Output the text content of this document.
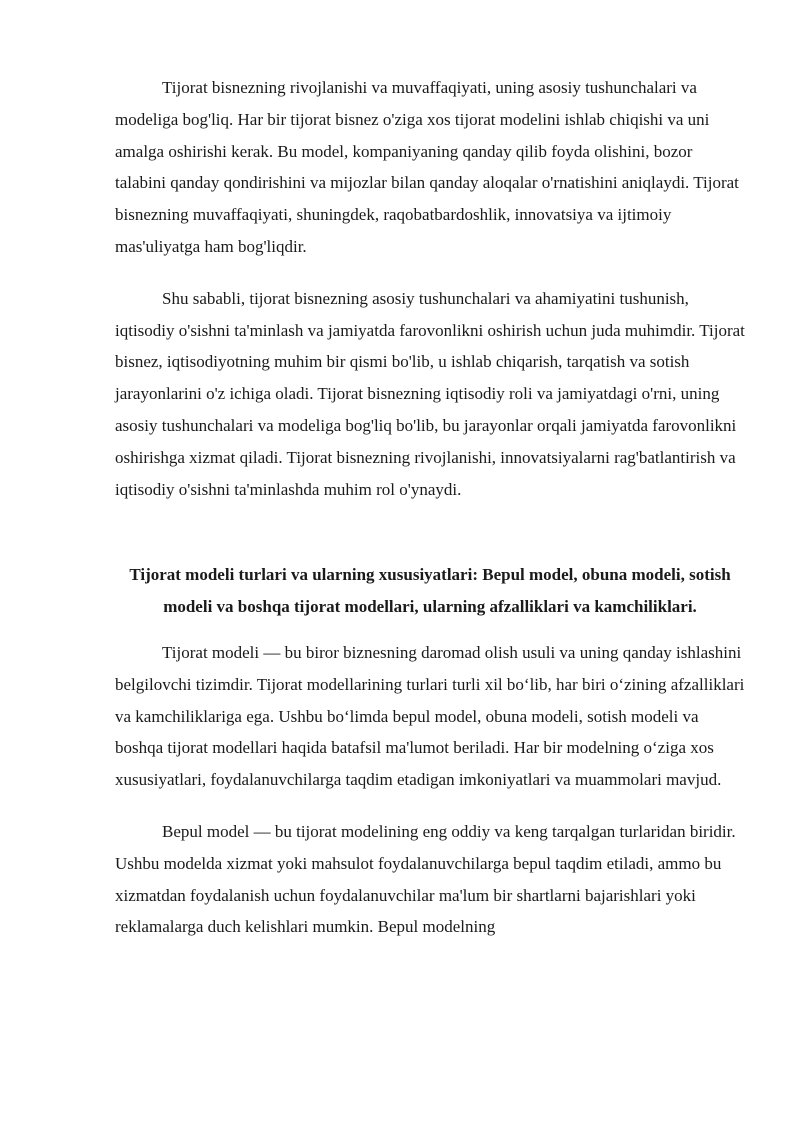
Tijorat bisnezning rivojlanishi va muvaffaqiyati, uning asosiy tushunchalari va modeliga bog'liq. Har bir tijorat bisnez o'ziga xos tijorat modelini ishlab chiqishi va uni amalga oshirishi kerak. Bu model, kompaniyaning qanday qilib foyda olishini, bozor talabini qanday qondirishini va mijozlar bilan qanday aloqalar o'rnatishini aniqlaydi. Tijorat bisnezning muvaffaqiyati, shuningdek, raqobatbardoshlik, innovatsiya va ijtimoiy mas'uliyatga ham bog'liqdir.

Shu sababli, tijorat bisnezning asosiy tushunchalari va ahamiyatini tushunish, iqtisodiy o'sishni ta'minlash va jamiyatda farovonlikni oshirish uchun juda muhimdir. Tijorat bisnez, iqtisodiyotning muhim bir qismi bo'lib, u ishlab chiqarish, tarqatish va sotish jarayonlarini o'z ichiga oladi. Tijorat bisnezning iqtisodiy roli va jamiyatdagi o'rni, uning asosiy tushunchalari va modeliga bog'liq bo'lib, bu jarayonlar orqali jamiyatda farovonlikni oshirishga xizmat qiladi. Tijorat bisnezning rivojlanishi, innovatsiyalarni rag'batlantirish va iqtisodiy o'sishni ta'minlashda muhim rol o'ynaydi.

Tijorat modeli turlari va ularning xususiyatlari: Bepul model, obuna modeli, sotish modeli va boshqa tijorat modellari, ularning afzalliklari va kamchiliklari.

Tijorat modeli — bu biror biznesning daromad olish usuli va uning qanday ishlashini belgilovchi tizimdir. Tijorat modellarining turlari turli xil bo‘lib, har biri o‘zining afzalliklari va kamchiliklariga ega. Ushbu bo‘limda bepul model, obuna modeli, sotish modeli va boshqa tijorat modellari haqida batafsil ma'lumot beriladi. Har bir modelning o‘ziga xos xususiyatlari, foydalanuvchilarga taqdim etadigan imkoniyatlari va muammolari mavjud.

Bepul model — bu tijorat modelining eng oddiy va keng tarqalgan turlaridan biridir. Ushbu modelda xizmat yoki mahsulot foydalanuvchilarga bepul taqdim etiladi, ammo bu xizmatdan foydalanish uchun foydalanuvchilar ma'lum bir shartlarni bajarishlari yoki reklamalarga duch kelishlari mumkin. Bepul modelning
